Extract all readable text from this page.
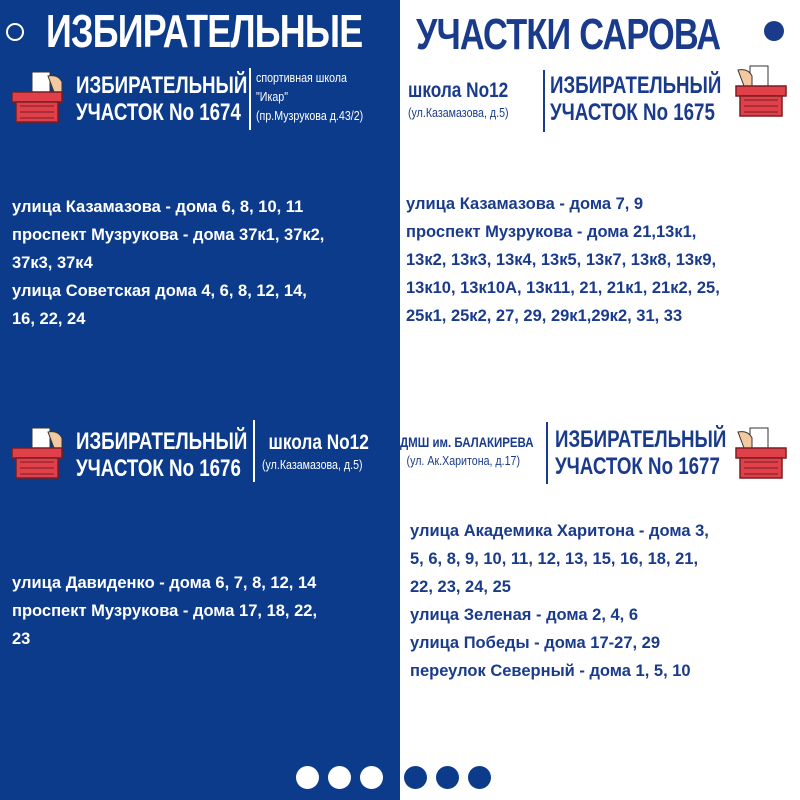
ИЗБИРАТЕЛЬНЫЙ
УЧАСТОК No 1674
спортивная школа
"Икар"
(пр.Музрукова д.43/2)
улица Казамазова - дома 6, 8, 10, 11
проспект Музрукова - дома 37к1, 37к2,
37к3, 37к4
улица Советская дома 4, 6, 8, 12, 14,
16, 22, 24
школа No12
(ул.Казамазова, д.5)
ИЗБИРАТЕЛЬНЫЙ
УЧАСТОК No 1675
улица Казамазова - дома 7, 9
проспект Музрукова - дома 21,13к1,
13к2, 13к3, 13к4, 13к5, 13к7, 13к8, 13к9,
13к10, 13к10А, 13к11, 21, 21к1, 21к2, 25,
25к1, 25к2, 27, 29, 29к1,29к2, 31, 33
ИЗБИРАТЕЛЬНЫЙ
УЧАСТОК No 1676
школа No12
(ул.Казамазова, д.5)
улица Давиденко - дома 6, 7, 8, 12, 14
проспект Музрукова - дома 17, 18, 22,
23
ДМШ им. БАЛАКИРЕВА
(ул. Ак.Харитона, д.17)
ИЗБИРАТЕЛЬНЫЙ
УЧАСТОК No 1677
улица Академика Харитона - дома 3,
5, 6, 8, 9, 10, 11, 12, 13, 15, 16, 18, 21,
22, 23, 24, 25
улица Зеленая - дома 2, 4, 6
улица Победы - дома 17-27, 29
переулок Северный - дома 1, 5, 10
ИЗБИРАТЕЛЬНЫЕ УЧАСТКИ САРОВА
